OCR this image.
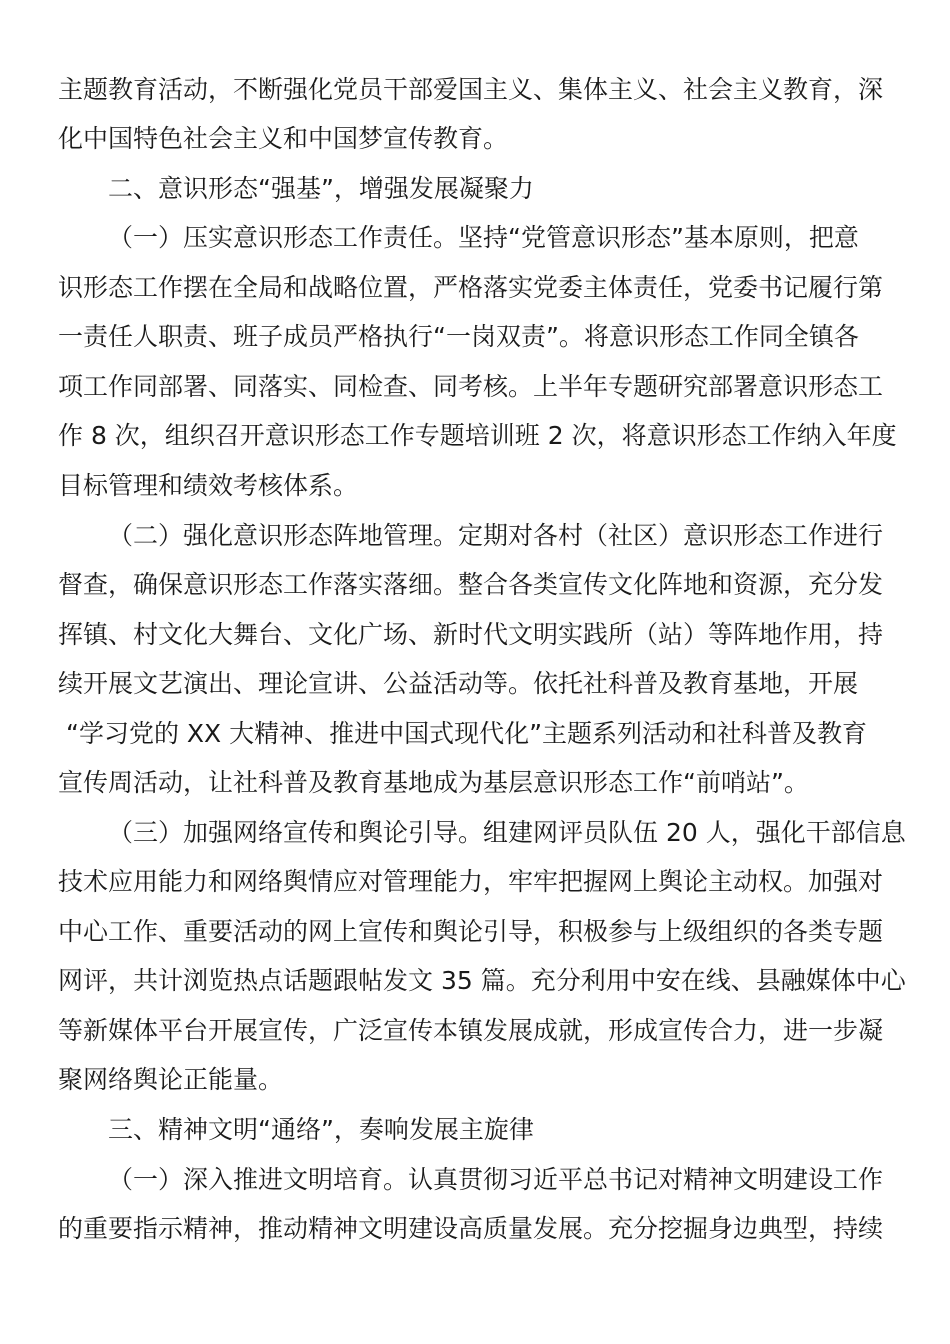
主题教育活动，不断强化党员干部爱国主义、集体主义、社会主义教育，深
化中国特色社会主义和中国梦宣传教育。
二、意识形态“强基”，增强发展凝聚力
（一）压实意识形态工作责任。坚持“党管意识形态”基本原则，把意
识形态工作摆在全局和战略位置，严格落实党委主体责任，党委书记履行第
一责任人职责、班子成员严格执行“一岗双责”。将意识形态工作同全镇各
项工作同部署、同落实、同检查、同考核。上半年专题研究部署意识形态工
作 8 次，组织召开意识形态工作专题培训班 2 次，将意识形态工作纳入年度
目标管理和绩效考核体系。
（二）强化意识形态阵地管理。定期对各村（社区）意识形态工作进行
督查，确保意识形态工作落实落细。整合各类宣传文化阵地和资源，充分发
挥镇、村文化大舞台、文化广场、新时代文明实践所（站）等阵地作用，持
续开展文艺演出、理论宣讲、公益活动等。依托社科普及教育基地，开展
“学习党的 XX 大精神、推进中国式现代化”主题系列活动和社科普及教育
宣传周活动，让社科普及教育基地成为基层意识形态工作“前哨站”。
（三）加强网络宣传和舆论引导。组建网评员队伍 20 人，强化干部信息
技术应用能力和网络舆情应对管理能力，牢牢把握网上舆论主动权。加强对
中心工作、重要活动的网上宣传和舆论引导，积极参与上级组织的各类专题
网评，共计浏览热点话题跟帖发文 35 篇。充分利用中安在线、县融媒体中心
等新媒体平台开展宣传，广泛宣传本镇发展成就，形成宣传合力，进一步凝
聚网络舆论正能量。
三、精神文明“通络”，奏响发展主旋律
（一）深入推进文明培育。认真贯彻习近平总书记对精神文明建设工作
的重要指示精神，推动精神文明建设高质量发展。充分挖掘身边典型，持续
